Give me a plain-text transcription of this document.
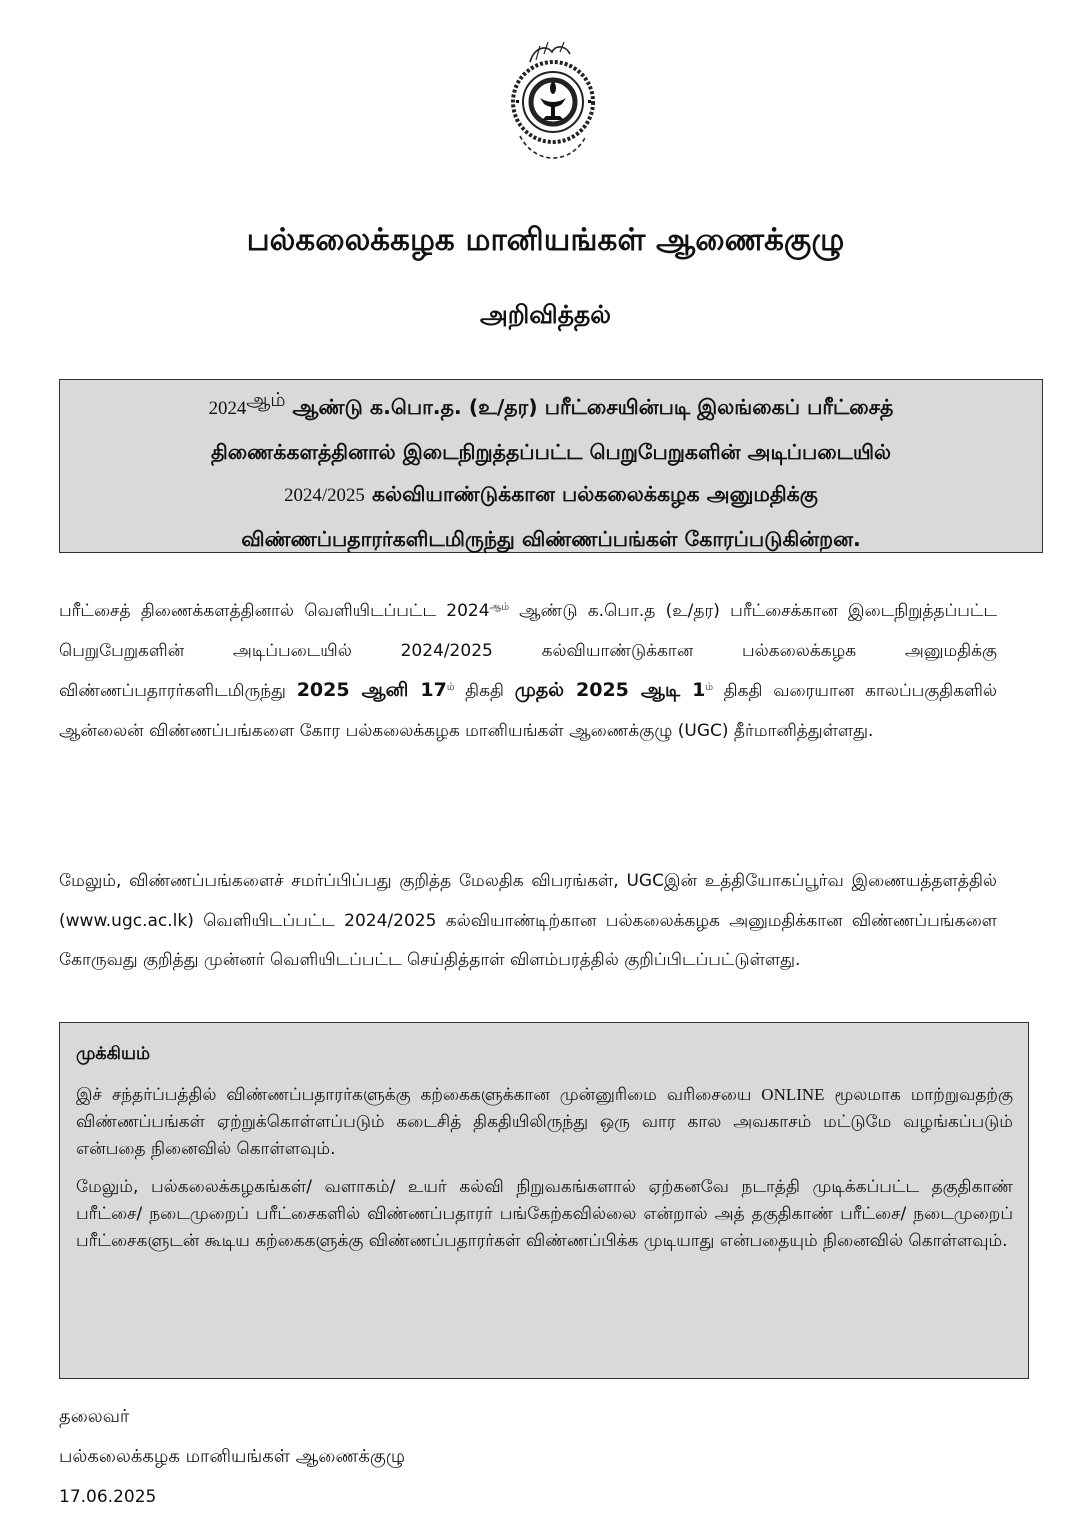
பல்கலைக்கழக மானியங்கள் ஆணைக்குழு
அறிவித்தல்

$2024^{ஆம்}$ ஆண்டு க.பொ.த. (உ/தர) பரீட்சையின்படி இலங்கைப் பரீட்சைத்

திணைக்களத்தினால் இடைநிறுத்தப்பட்ட பெறுபேறுகளின் அடிப்படையில்

2024/2025 கல்வியாண்டுக்கான பல்கலைக்கழக அனுமதிக்கு

விண்ணப்பதாரர்களிடமிருந்து விண்ணப்பங்கள் கோரப்படுகின்றன.

பரீட்சைத் திணைக்களத்தினால் வெளியிடப்பட்ட $2024^{ஆம்}$ ஆண்டு க.பொ.த (உ/தர) பரீட்சைக்கான இடைநிறுத்தப்பட்ட பெறுபேறுகளின் அடிப்படையில் 2024/2025 கல்வியாண்டுக்கான பல்கலைக்கழக அனுமதிக்கு விண்ணப்பதாரர்களிடமிருந்து 2025 ஆனி $17^{ம்}$ திகதி முதல் 2025 ஆடி $1^{ம்}$ திகதி வரையான காலப்பகுதிகளில் ஆன்லைன் விண்ணப்பங்களை கோர பல்கலைக்கழக மானியங்கள் ஆணைக்குழு (UGC) தீர்மானித்துள்ளது.

மேலும், விண்ணப்பங்களைச் சமர்ப்பிப்பது குறித்த மேலதிக விபரங்கள், UGCஇன் உத்தியோகப்பூர்வ இணையத்தளத்தில் (www.ugc.ac.lk) வெளியிடப்பட்ட 2024/2025 கல்வியாண்டிற்கான பல்கலைக்கழக அனுமதிக்கான விண்ணப்பங்களை கோருவது குறித்து முன்னர் வெளியிடப்பட்ட செய்தித்தாள் விளம்பரத்தில் குறிப்பிடப்பட்டுள்ளது.

முக்கியம்

இச் சந்தர்ப்பத்தில் விண்ணப்பதாரர்களுக்கு கற்கைகளுக்கான முன்னுரிமை வரிசையை ONLINE மூலமாக மாற்றுவதற்கு விண்ணப்பங்கள் ஏற்றுக்கொள்ளப்படும் கடைசித் திகதியிலிருந்து ஒரு வார கால அவகாசம் மட்டுமே வழங்கப்படும் என்பதை நினைவில் கொள்ளவும்.

மேலும், பல்கலைக்கழகங்கள்/ வளாகம்/ உயர் கல்வி நிறுவகங்களால் ஏற்கனவே நடாத்தி முடிக்கப்பட்ட தகுதிகாண் பரீட்சை/ நடைமுறைப் பரீட்சைகளில் விண்ணப்பதாரர் பங்கேற்கவில்லை என்றால் அத் தகுதிகாண் பரீட்சை/ நடைமுறைப் பரீட்சைகளுடன் கூடிய கற்கைகளுக்கு விண்ணப்பதாரர்கள் விண்ணப்பிக்க முடியாது என்பதையும் நினைவில் கொள்ளவும்.

தலைவர்

பல்கலைக்கழக மானியங்கள் ஆணைக்குழு

17.06.2025
